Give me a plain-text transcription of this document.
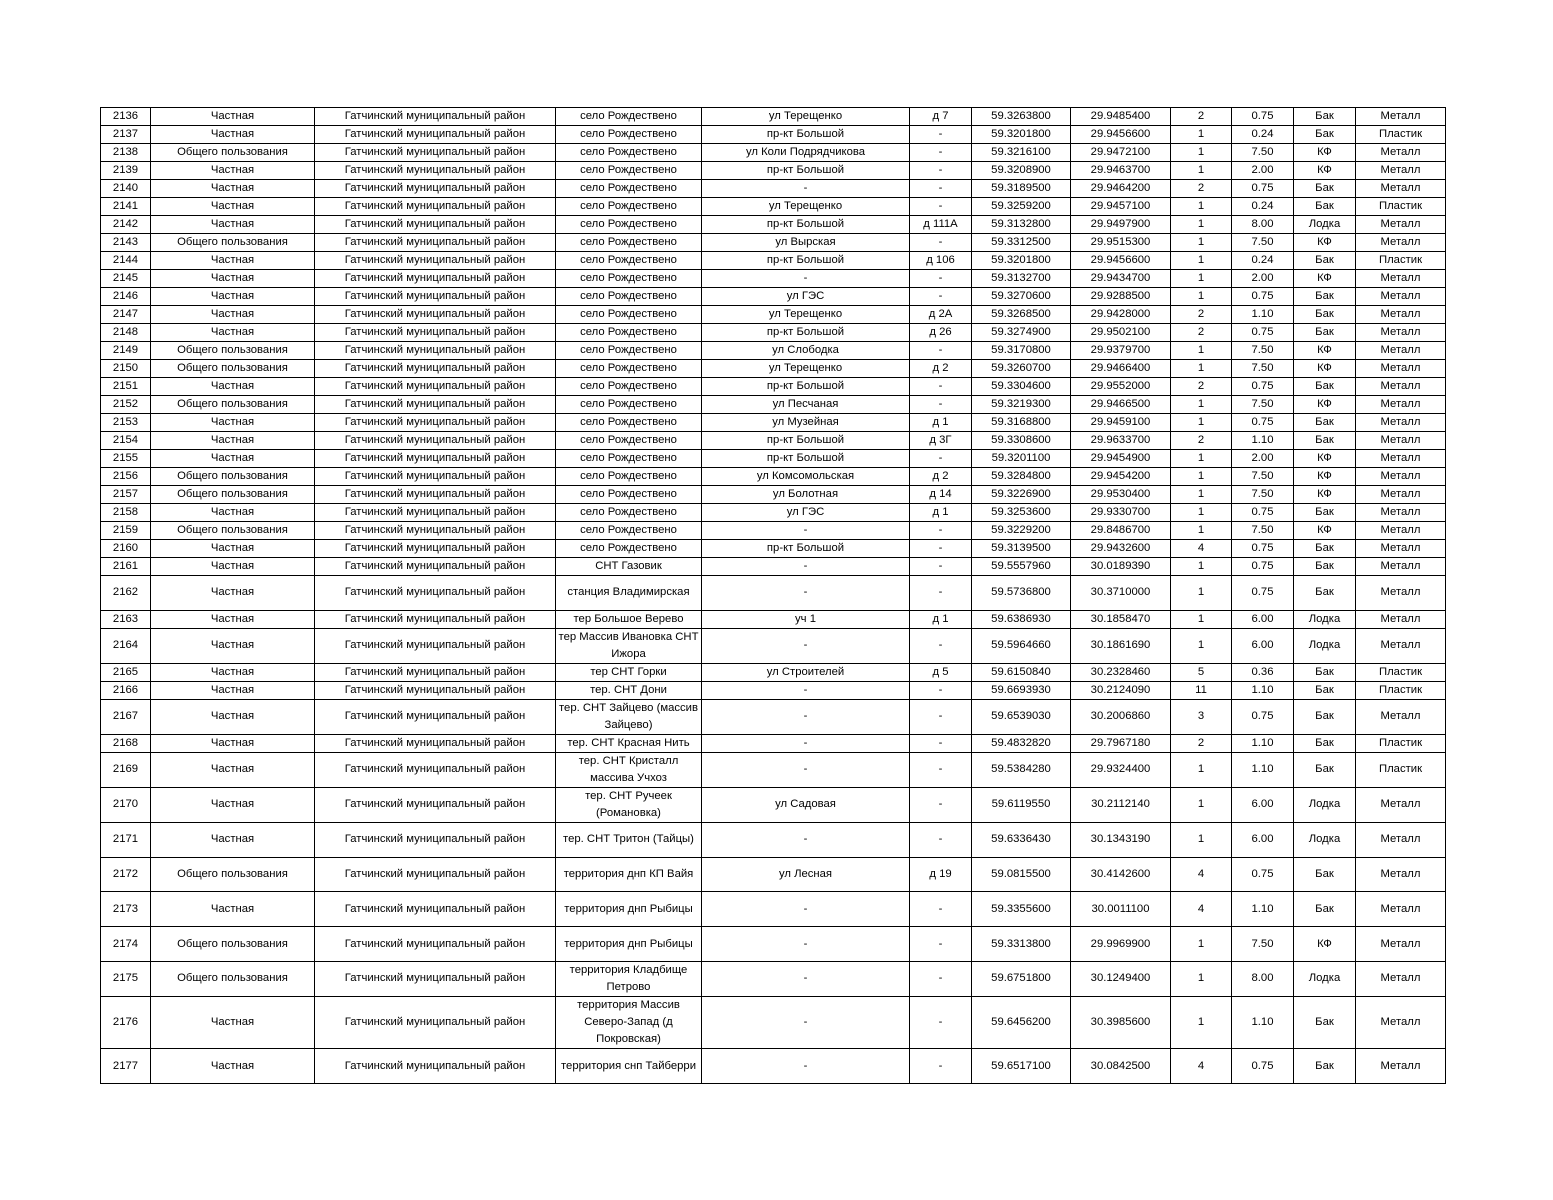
2136	Частная	Гатчинский муниципальный район	село Рождествено	ул Терещенко	д 7	59.3263800	29.9485400	2	0.75	Бак	Металл
2137	Частная	Гатчинский муниципальный район	село Рождествено	пр-кт Большой	-	59.3201800	29.9456600	1	0.24	Бак	Пластик
2138	Общего пользования	Гатчинский муниципальный район	село Рождествено	ул Коли Подрядчикова	-	59.3216100	29.9472100	1	7.50	КФ	Металл
2139	Частная	Гатчинский муниципальный район	село Рождествено	пр-кт Большой	-	59.3208900	29.9463700	1	2.00	КФ	Металл
2140	Частная	Гатчинский муниципальный район	село Рождествено	-	-	59.3189500	29.9464200	2	0.75	Бак	Металл
2141	Частная	Гатчинский муниципальный район	село Рождествено	ул Терещенко	-	59.3259200	29.9457100	1	0.24	Бак	Пластик
2142	Частная	Гатчинский муниципальный район	село Рождествено	пр-кт Большой	д 111А	59.3132800	29.9497900	1	8.00	Лодка	Металл
2143	Общего пользования	Гатчинский муниципальный район	село Рождествено	ул Вырская	-	59.3312500	29.9515300	1	7.50	КФ	Металл
2144	Частная	Гатчинский муниципальный район	село Рождествено	пр-кт Большой	д 106	59.3201800	29.9456600	1	0.24	Бак	Пластик
2145	Частная	Гатчинский муниципальный район	село Рождествено	-	-	59.3132700	29.9434700	1	2.00	КФ	Металл
2146	Частная	Гатчинский муниципальный район	село Рождествено	ул ГЭС	-	59.3270600	29.9288500	1	0.75	Бак	Металл
2147	Частная	Гатчинский муниципальный район	село Рождествено	ул Терещенко	д 2А	59.3268500	29.9428000	2	1.10	Бак	Металл
2148	Частная	Гатчинский муниципальный район	село Рождествено	пр-кт Большой	д 26	59.3274900	29.9502100	2	0.75	Бак	Металл
2149	Общего пользования	Гатчинский муниципальный район	село Рождествено	ул Слободка	-	59.3170800	29.9379700	1	7.50	КФ	Металл
2150	Общего пользования	Гатчинский муниципальный район	село Рождествено	ул Терещенко	д 2	59.3260700	29.9466400	1	7.50	КФ	Металл
2151	Частная	Гатчинский муниципальный район	село Рождествено	пр-кт Большой	-	59.3304600	29.9552000	2	0.75	Бак	Металл
2152	Общего пользования	Гатчинский муниципальный район	село Рождествено	ул Песчаная	-	59.3219300	29.9466500	1	7.50	КФ	Металл
2153	Частная	Гатчинский муниципальный район	село Рождествено	ул Музейная	д 1	59.3168800	29.9459100	1	0.75	Бак	Металл
2154	Частная	Гатчинский муниципальный район	село Рождествено	пр-кт Большой	д 3Г	59.3308600	29.9633700	2	1.10	Бак	Металл
2155	Частная	Гатчинский муниципальный район	село Рождествено	пр-кт Большой	-	59.3201100	29.9454900	1	2.00	КФ	Металл
2156	Общего пользования	Гатчинский муниципальный район	село Рождествено	ул Комсомольская	д 2	59.3284800	29.9454200	1	7.50	КФ	Металл
2157	Общего пользования	Гатчинский муниципальный район	село Рождествено	ул Болотная	д 14	59.3226900	29.9530400	1	7.50	КФ	Металл
2158	Частная	Гатчинский муниципальный район	село Рождествено	ул ГЭС	д 1	59.3253600	29.9330700	1	0.75	Бак	Металл
2159	Общего пользования	Гатчинский муниципальный район	село Рождествено	-	-	59.3229200	29.8486700	1	7.50	КФ	Металл
2160	Частная	Гатчинский муниципальный район	село Рождествено	пр-кт Большой	-	59.3139500	29.9432600	4	0.75	Бак	Металл
2161	Частная	Гатчинский муниципальный район	СНТ Газовик	-	-	59.5557960	30.0189390	1	0.75	Бак	Металл
2162	Частная	Гатчинский муниципальный район	станция Владимирская	-	-	59.5736800	30.3710000	1	0.75	Бак	Металл
2163	Частная	Гатчинский муниципальный район	тер Большое Верево	уч 1	д 1	59.6386930	30.1858470	1	6.00	Лодка	Металл
2164	Частная	Гатчинский муниципальный район	тер Массив Ивановка СНТ Ижора	-	-	59.5964660	30.1861690	1	6.00	Лодка	Металл
2165	Частная	Гатчинский муниципальный район	тер СНТ Горки	ул Строителей	д 5	59.6150840	30.2328460	5	0.36	Бак	Пластик
2166	Частная	Гатчинский муниципальный район	тер. СНТ Дони	-	-	59.6693930	30.2124090	11	1.10	Бак	Пластик
2167	Частная	Гатчинский муниципальный район	тер. СНТ Зайцево (массив Зайцево)	-	-	59.6539030	30.2006860	3	0.75	Бак	Металл
2168	Частная	Гатчинский муниципальный район	тер. СНТ Красная Нить	-	-	59.4832820	29.7967180	2	1.10	Бак	Пластик
2169	Частная	Гатчинский муниципальный район	тер. СНТ Кристалл массива Учхоз	-	-	59.5384280	29.9324400	1	1.10	Бак	Пластик
2170	Частная	Гатчинский муниципальный район	тер. СНТ Ручеек (Романовка)	ул Садовая	-	59.6119550	30.2112140	1	6.00	Лодка	Металл
2171	Частная	Гатчинский муниципальный район	тер. СНТ Тритон (Тайцы)	-	-	59.6336430	30.1343190	1	6.00	Лодка	Металл
2172	Общего пользования	Гатчинский муниципальный район	территория днп КП Вайя	ул Лесная	д 19	59.0815500	30.4142600	4	0.75	Бак	Металл
2173	Частная	Гатчинский муниципальный район	территория днп Рыбицы	-	-	59.3355600	30.0011100	4	1.10	Бак	Металл
2174	Общего пользования	Гатчинский муниципальный район	территория днп Рыбицы	-	-	59.3313800	29.9969900	1	7.50	КФ	Металл
2175	Общего пользования	Гатчинский муниципальный район	территория Кладбище Петрово	-	-	59.6751800	30.1249400	1	8.00	Лодка	Металл
2176	Частная	Гатчинский муниципальный район	территория Массив Северо-Запад (д Покровская)	-	-	59.6456200	30.3985600	1	1.10	Бак	Металл
2177	Частная	Гатчинский муниципальный район	территория снп Тайберри	-	-	59.6517100	30.0842500	4	0.75	Бак	Металл
